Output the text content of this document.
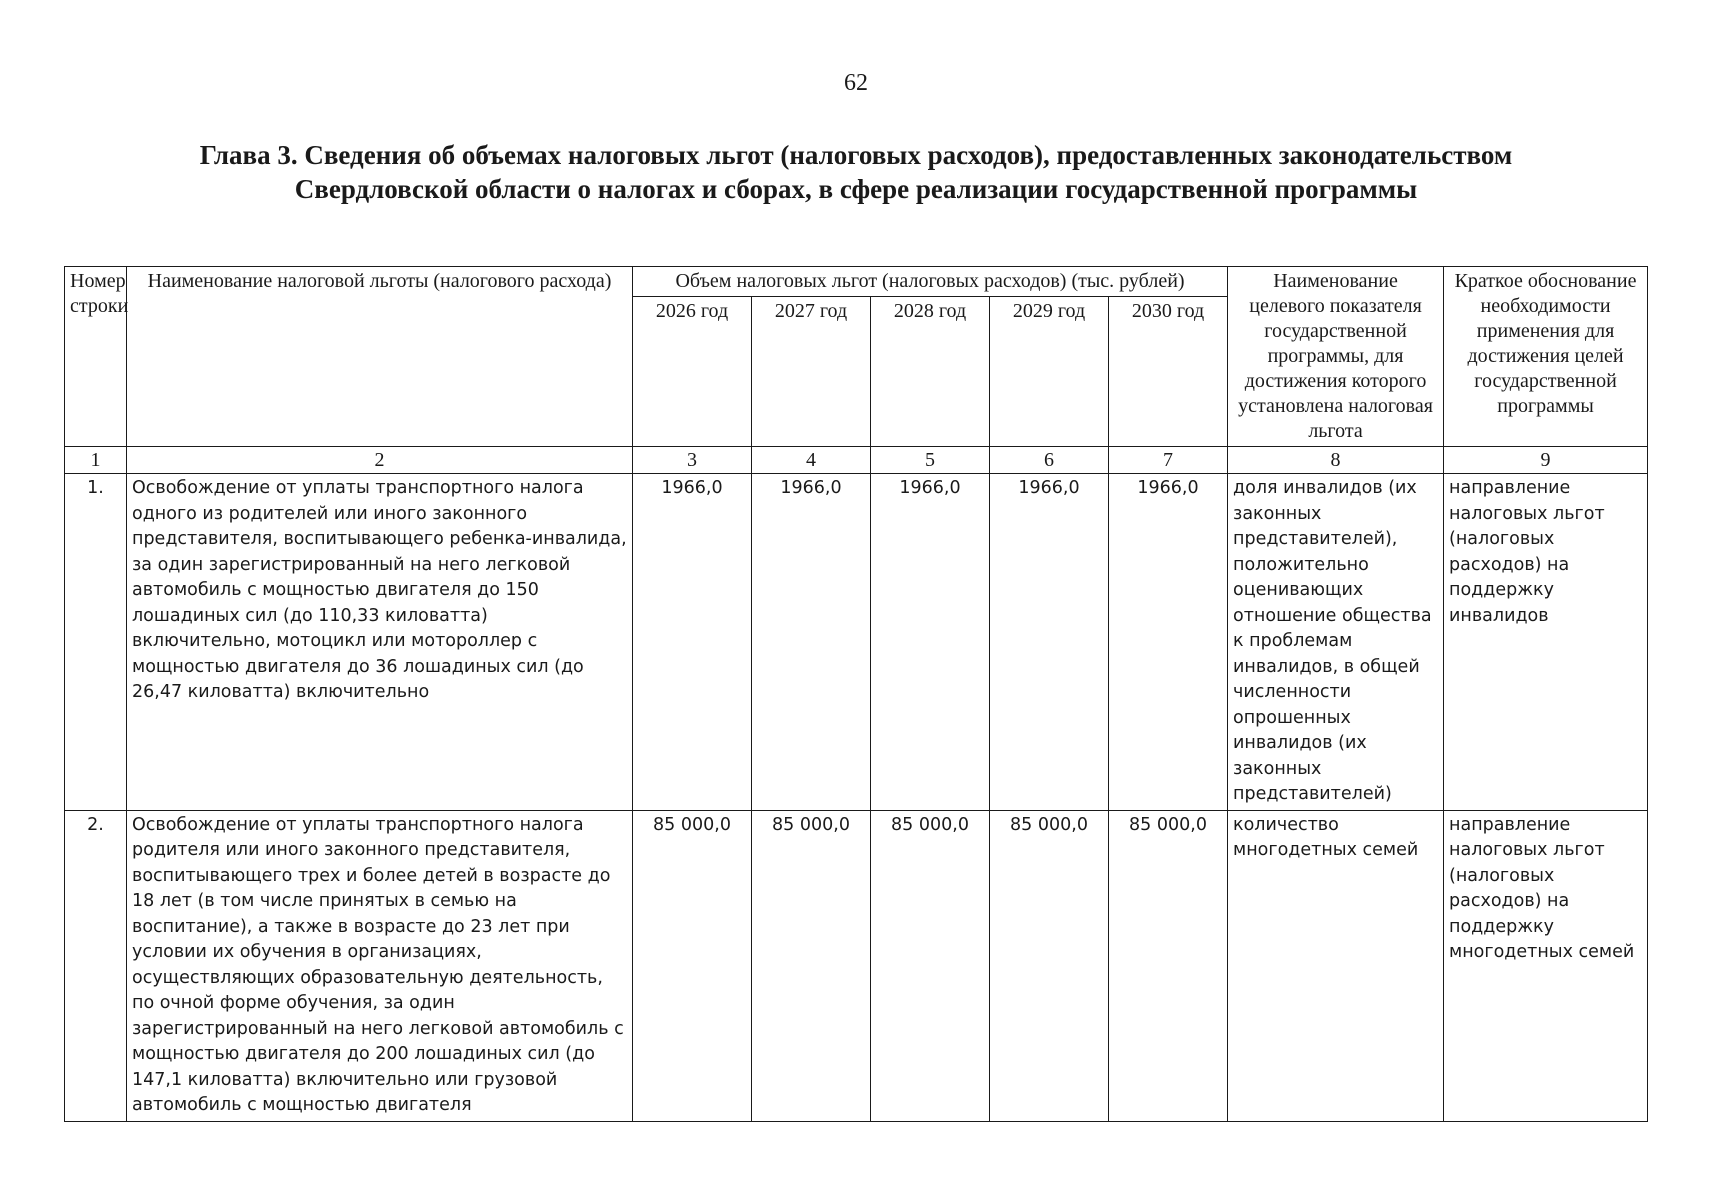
62
Глава 3. Сведения об объемах налоговых льгот (налоговых расходов), предоставленных законодательством
Свердловской области о налогах и сборах, в сфере реализации государственной программы
Номер строки	Наименование налоговой льготы (налогового расхода)	Объем налоговых льгот (налоговых расходов) (тыс. рублей)					Наименование целевого показателя государственной программы, для достижения которого установлена налоговая льгота	Краткое обоснование необходимости применения для достижения целей государственной программы
		2026 год	2027 год	2028 год	2029 год	2030 год		
1	2	3	4	5	6	7	8	9
1.	Освобождение от уплаты транспортного налога одного из родителей или иного законного представителя, воспитывающего ребенка-инвалида, за один зарегистрированный на него легковой автомобиль с мощностью двигателя до 150 лошадиных сил (до 110,33 киловатта) включительно, мотоцикл или мотороллер с мощностью двигателя до 36 лошадиных сил (до 26,47 киловатта) включительно	1966,0	1966,0	1966,0	1966,0	1966,0	доля инвалидов (их законных представителей), положительно оценивающих отношение общества к проблемам инвалидов, в общей численности опрошенных инвалидов (их законных представителей)	направление налоговых льгот (налоговых расходов) на поддержку инвалидов
2.	Освобождение от уплаты транспортного налога родителя или иного законного представителя, воспитывающего трех и более детей в возрасте до 18 лет (в том числе принятых в семью на воспитание), а также в возрасте до 23 лет при условии их обучения в организациях, осуществляющих образовательную деятельность, по очной форме обучения, за один зарегистрированный на него легковой автомобиль с мощностью двигателя до 200 лошадиных сил (до 147,1 киловатта) включительно или грузовой автомобиль с мощностью двигателя	85 000,0	85 000,0	85 000,0	85 000,0	85 000,0	количество многодетных семей	направление налоговых льгот (налоговых расходов) на поддержку многодетных семей
